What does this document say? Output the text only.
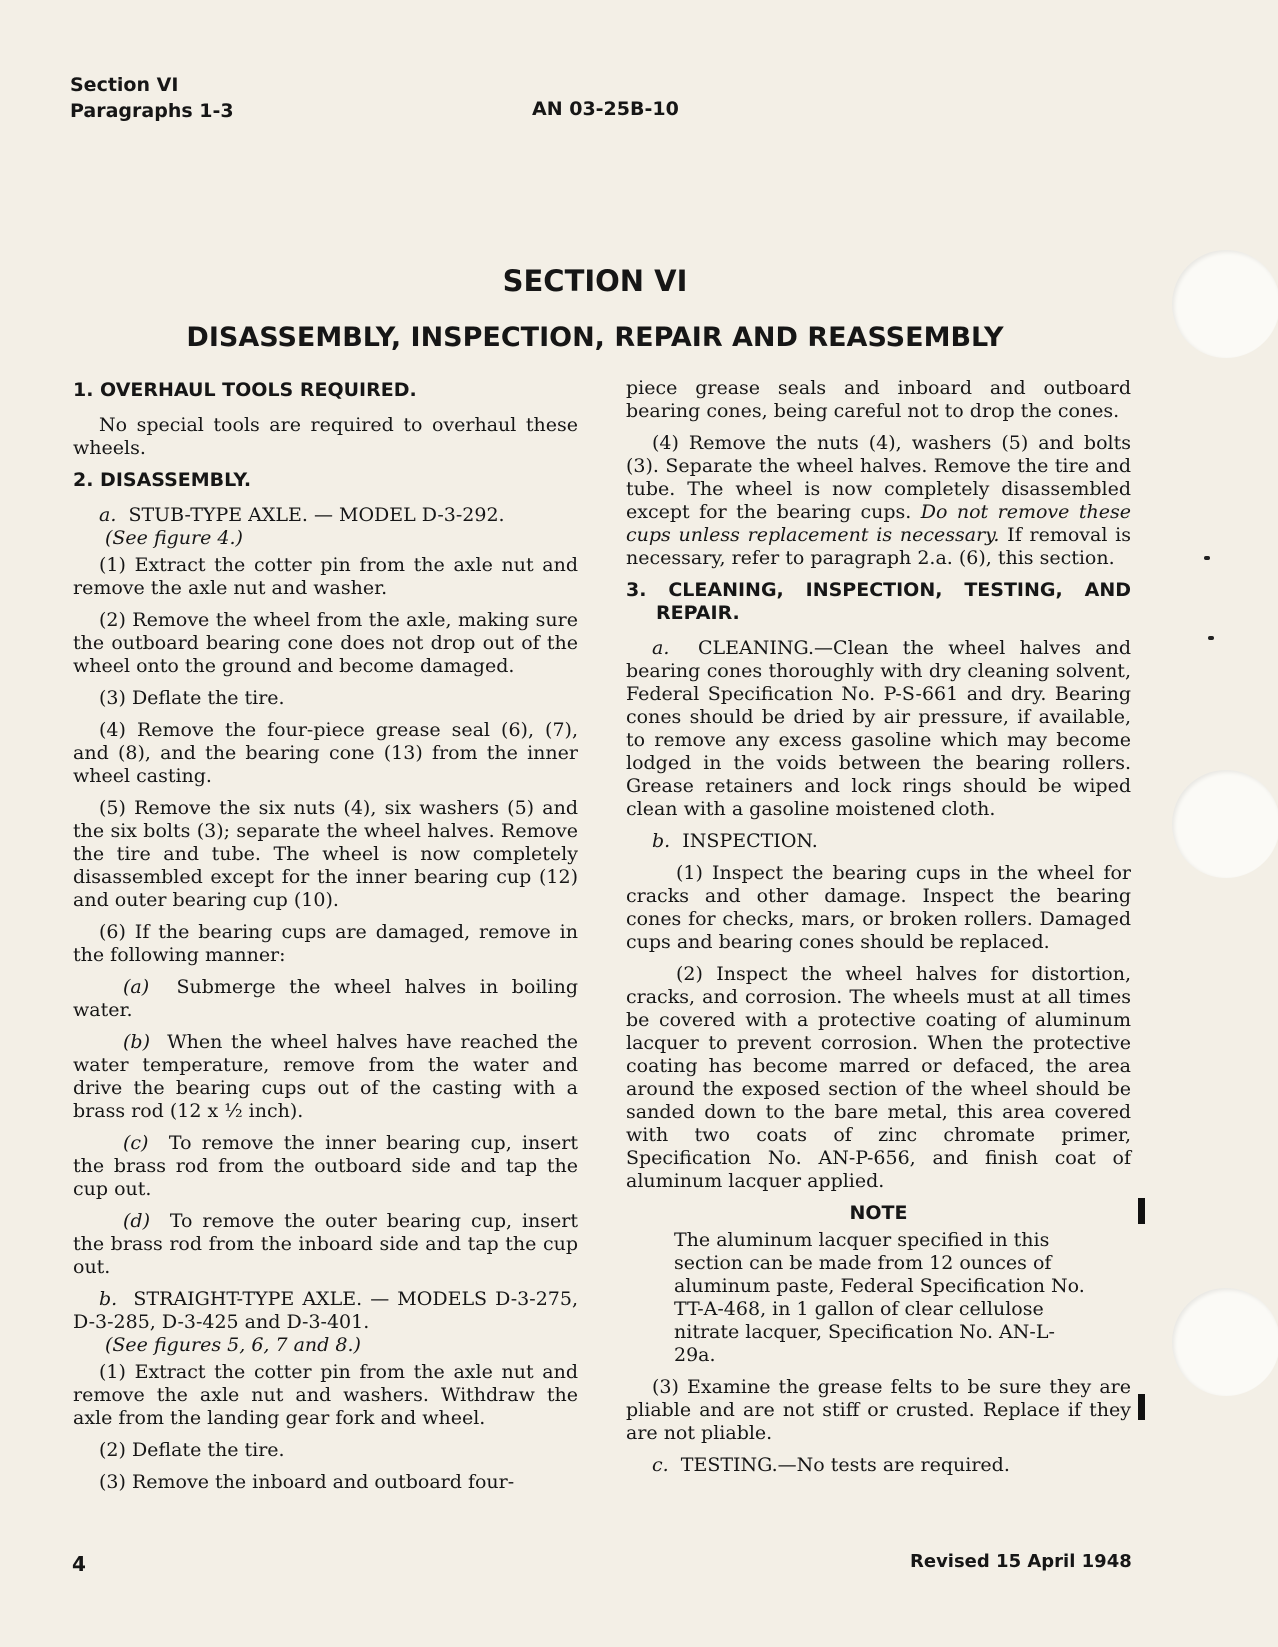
Section VI
Paragraphs 1-3	AN 03-25B-10
SECTION VI
DISASSEMBLY, INSPECTION, REPAIR AND REASSEMBLY
1. OVERHAUL TOOLS REQUIRED.

No special tools are required to overhaul these wheels.

2. DISASSEMBLY.

a. STUB-TYPE AXLE. — MODEL D-3-292.
(See figure 4.)

(1) Extract the cotter pin from the axle nut and remove the axle nut and washer.

(2) Remove the wheel from the axle, making sure the outboard bearing cone does not drop out of the wheel onto the ground and become damaged.

(3) Deflate the tire.

(4) Remove the four-piece grease seal (6), (7), and (8), and the bearing cone (13) from the inner wheel casting.

(5) Remove the six nuts (4), six washers (5) and the six bolts (3); separate the wheel halves. Remove the tire and tube. The wheel is now completely disassembled except for the inner bearing cup (12) and outer bearing cup (10).

(6) If the bearing cups are damaged, remove in the following manner:

(a) Submerge the wheel halves in boiling water.

(b) When the wheel halves have reached the water temperature, remove from the water and drive the bearing cups out of the casting with a brass rod (12 x ½ inch).

(c) To remove the inner bearing cup, insert the brass rod from the outboard side and tap the cup out.

(d) To remove the outer bearing cup, insert the brass rod from the inboard side and tap the cup out.

b. STRAIGHT-TYPE AXLE. — MODELS D-3-275, D-3-285, D-3-425 and D-3-401.
(See figures 5, 6, 7 and 8.)

(1) Extract the cotter pin from the axle nut and remove the axle nut and washers. Withdraw the axle from the landing gear fork and wheel.

(2) Deflate the tire.

(3) Remove the inboard and outboard four-

piece grease seals and inboard and outboard bearing cones, being careful not to drop the cones.

(4) Remove the nuts (4), washers (5) and bolts (3). Separate the wheel halves. Remove the tire and tube. The wheel is now completely disassembled except for the bearing cups. Do not remove these cups unless replacement is necessary. If removal is necessary, refer to paragraph 2.a. (6), this section.

3. CLEANING, INSPECTION, TESTING, AND REPAIR.

a. CLEANING.—Clean the wheel halves and bearing cones thoroughly with dry cleaning solvent, Federal Specification No. P-S-661 and dry. Bearing cones should be dried by air pressure, if available, to remove any excess gasoline which may become lodged in the voids between the bearing rollers. Grease retainers and lock rings should be wiped clean with a gasoline moistened cloth.

b. INSPECTION.

(1) Inspect the bearing cups in the wheel for cracks and other damage. Inspect the bearing cones for checks, mars, or broken rollers. Damaged cups and bearing cones should be replaced.

(2) Inspect the wheel halves for distortion, cracks, and corrosion. The wheels must at all times be covered with a protective coating of aluminum lacquer to prevent corrosion. When the protective coating has become marred or defaced, the area around the exposed section of the wheel should be sanded down to the bare metal, this area covered with two coats of zinc chromate primer, Specification No. AN-P-656, and finish coat of aluminum lacquer applied.

NOTE

The aluminum lacquer specified in this section can be made from 12 ounces of aluminum paste, Federal Specification No. TT-A-468, in 1 gallon of clear cellulose nitrate lacquer, Specification No. AN-L-29a.

(3) Examine the grease felts to be sure they are pliable and are not stiff or crusted. Replace if they are not pliable.

c. TESTING.—No tests are required.

4	Revised 15 April 1948
